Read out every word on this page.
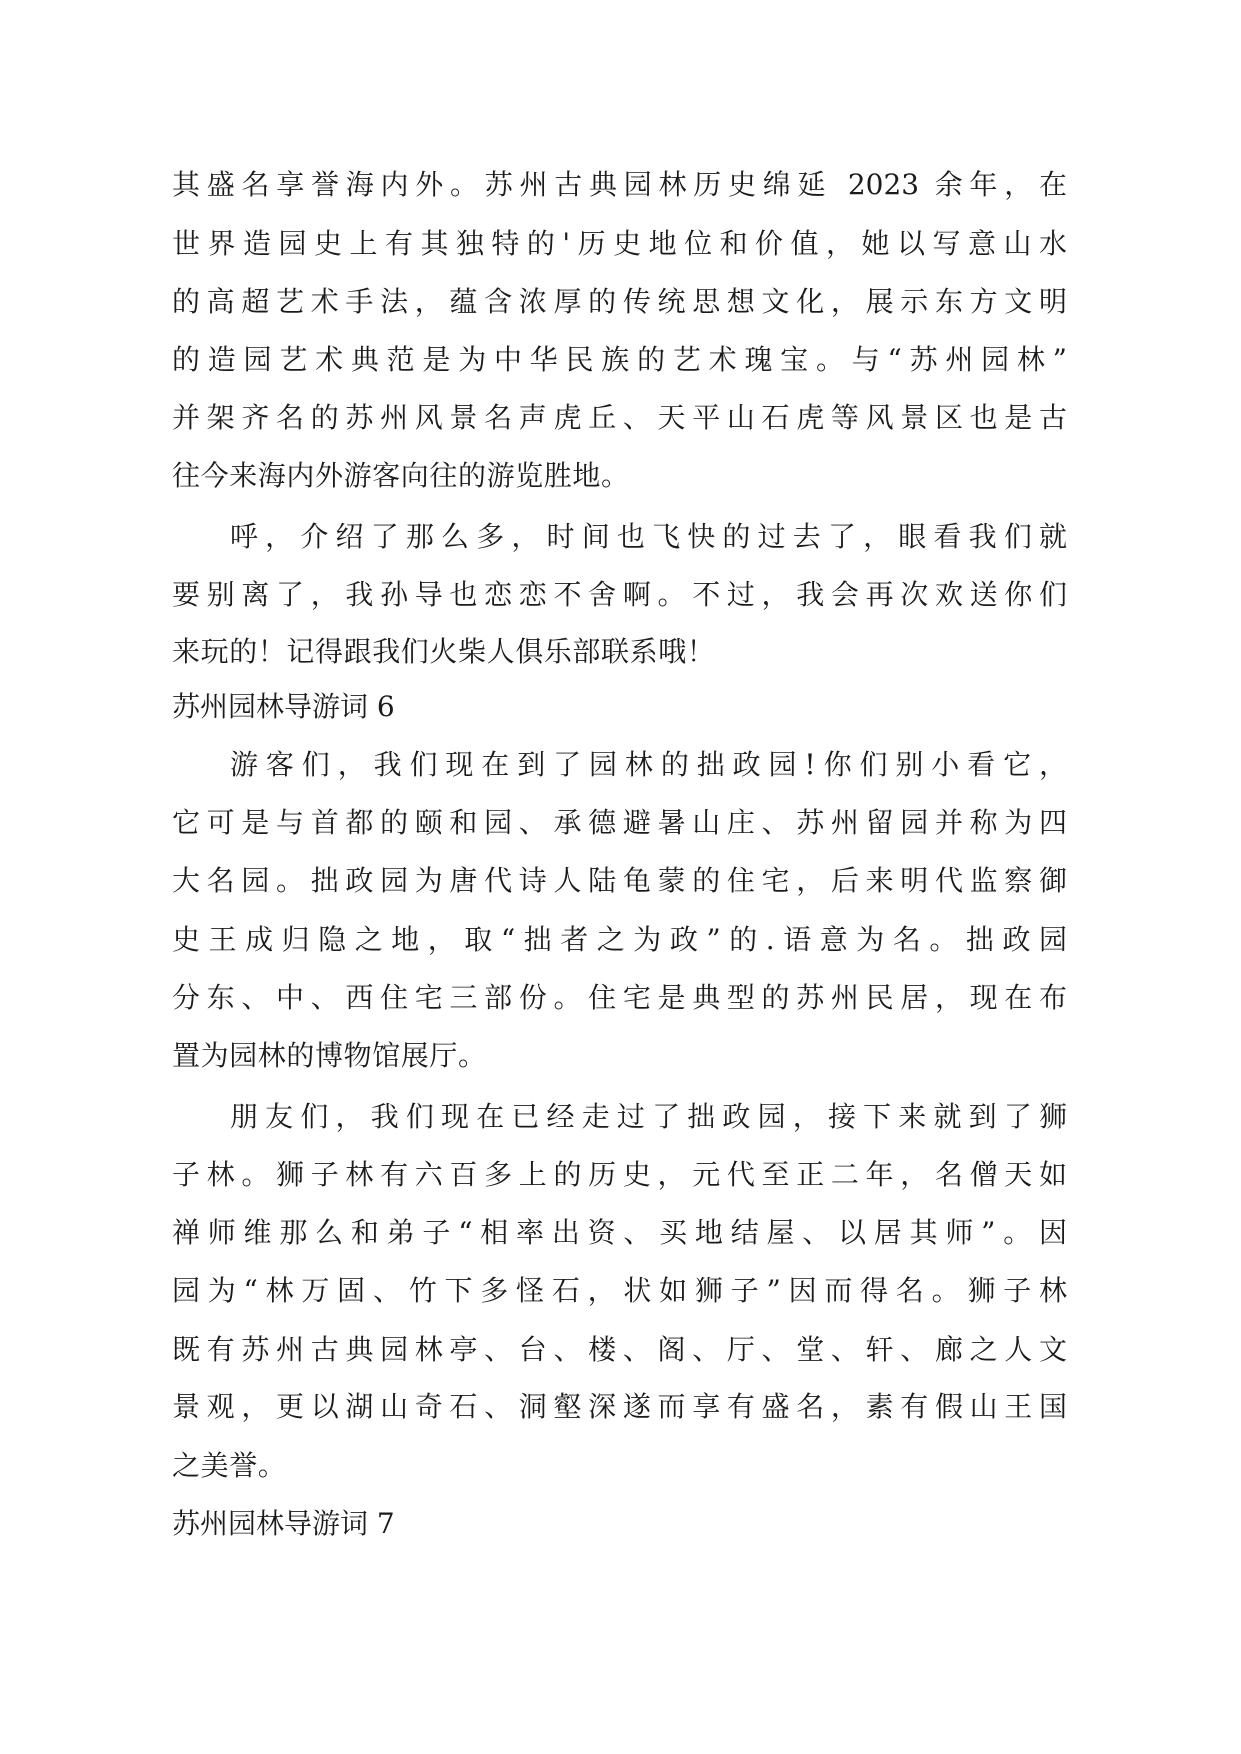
其盛名享誉海内外。苏州古典园林历史绵延 2023 余年，在
世界造园史上有其独特的'历史地位和价值，她以写意山水
的高超艺术手法，蕴含浓厚的传统思想文化，展示东方文明
的造园艺术典范是为中华民族的艺术瑰宝。与“苏州园林”
并架齐名的苏州风景名声虎丘、天平山石虎等风景区也是古
往今来海内外游客向往的游览胜地。
呼，介绍了那么多，时间也飞快的过去了，眼看我们就
要别离了，我孙导也恋恋不舍啊。不过，我会再次欢送你们
来玩的！记得跟我们火柴人俱乐部联系哦！
苏州园林导游词 6
游客们，我们现在到了园林的拙政园!你们别小看它，
它可是与首都的颐和园、承德避暑山庄、苏州留园并称为四
大名园。拙政园为唐代诗人陆龟蒙的住宅，后来明代监察御
史王成归隐之地，取“拙者之为政”的.语意为名。拙政园
分东、中、西住宅三部份。住宅是典型的苏州民居，现在布
置为园林的博物馆展厅。
朋友们，我们现在已经走过了拙政园，接下来就到了狮
子林。狮子林有六百多上的历史，元代至正二年，名僧天如
禅师维那么和弟子“相率出资、买地结屋、以居其师”。因
园为“林万固、竹下多怪石，状如狮子”因而得名。狮子林
既有苏州古典园林亭、台、楼、阁、厅、堂、轩、廊之人文
景观，更以湖山奇石、洞壑深遂而享有盛名，素有假山王国
之美誉。
苏州园林导游词 7
